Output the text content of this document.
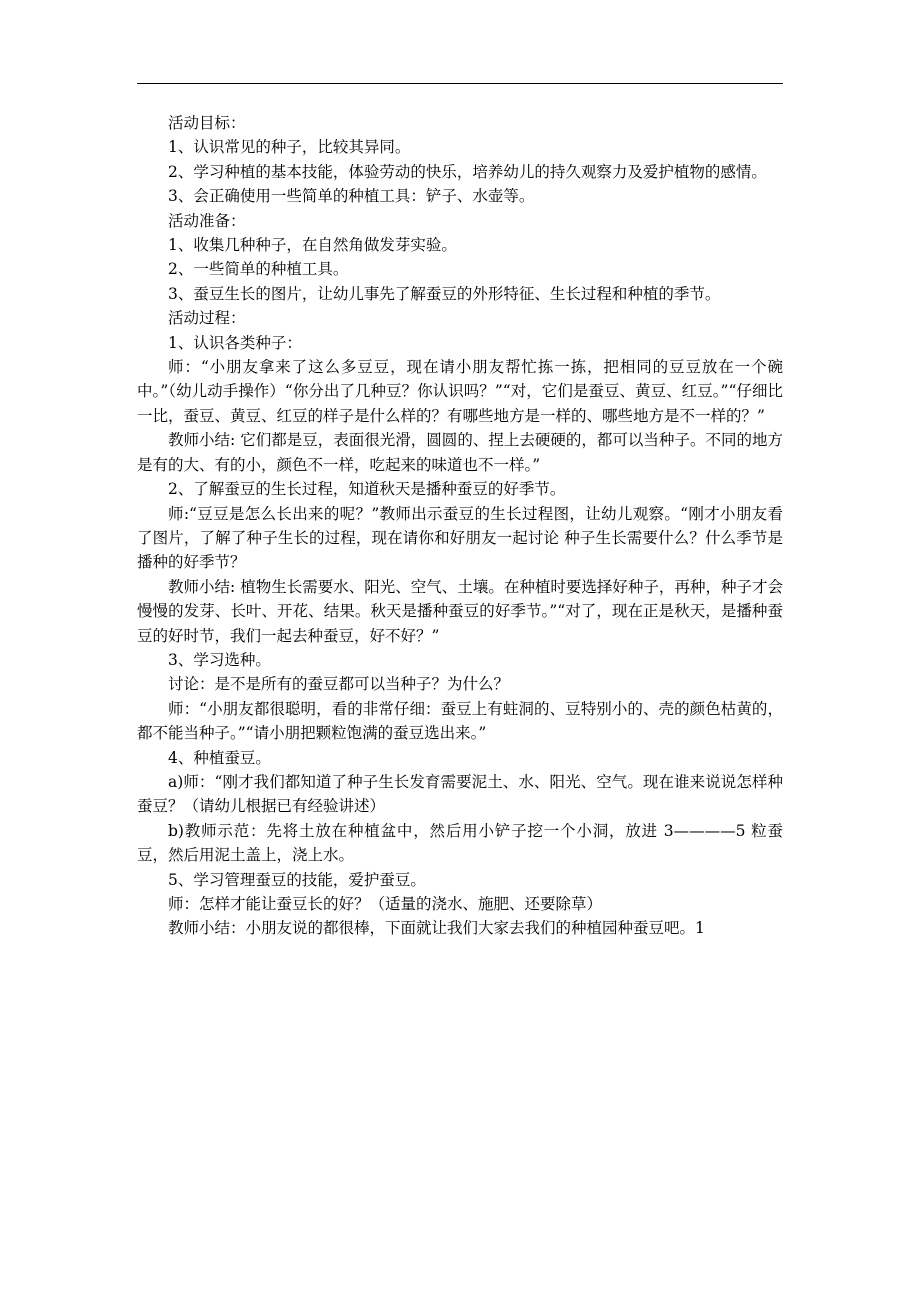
活动目标：

1、认识常见的种子，比较其异同。

2、学习种植的基本技能，体验劳动的快乐，培养幼儿的持久观察力及爱护植物的感情。

3、会正确使用一些简单的种植工具：铲子、水壶等。

活动准备：

1、收集几种种子，在自然角做发芽实验。

2、一些简单的种植工具。

3、蚕豆生长的图片，让幼儿事先了解蚕豆的外形特征、生长过程和种植的季节。

活动过程：

1、认识各类种子：

师：“小朋友拿来了这么多豆豆，现在请小朋友帮忙拣一拣，把相同的豆豆放在一个碗中。”（幼儿动手操作）“你分出了几种豆？你认识吗？”“对，它们是蚕豆、黄豆、红豆。”“仔细比一比，蚕豆、黄豆、红豆的样子是什么样的？有哪些地方是一样的、哪些地方是不一样的？”

教师小结: 它们都是豆，表面很光滑，圆圆的、捏上去硬硬的，都可以当种子。不同的地方是有的大、有的小，颜色不一样，吃起来的味道也不一样。”

2、了解蚕豆的生长过程，知道秋天是播种蚕豆的好季节。

师:“豆豆是怎么长出来的呢？”教师出示蚕豆的生长过程图，让幼儿观察。“刚才小朋友看了图片，了解了种子生长的过程，现在请你和好朋友一起讨论 种子生长需要什么？什么季节是播种的好季节？

教师小结: 植物生长需要水、阳光、空气、土壤。在种植时要选择好种子，再种，种子才会慢慢的发芽、长叶、开花、结果。秋天是播种蚕豆的好季节。”“对了，现在正是秋天，是播种蚕豆的好时节，我们一起去种蚕豆，好不好？”

3、学习选种。

讨论：是不是所有的蚕豆都可以当种子？为什么？

师：“小朋友都很聪明，看的非常仔细：蚕豆上有蛀洞的、豆特别小的、壳的颜色枯黄的，都不能当种子。”“请小朋把颗粒饱满的蚕豆选出来。”

4、种植蚕豆。

a)师：“刚才我们都知道了种子生长发育需要泥土、水、阳光、空气。现在谁来说说怎样种蚕豆？（请幼儿根据已有经验讲述）

b)教师示范：先将土放在种植盆中，然后用小铲子挖一个小洞，放进 3————5 粒蚕豆，然后用泥土盖上，浇上水。

5、学习管理蚕豆的技能，爱护蚕豆。

师：怎样才能让蚕豆长的好？（适量的浇水、施肥、还要除草）

教师小结：小朋友说的都很棒，下面就让我们大家去我们的种植园种蚕豆吧。1
